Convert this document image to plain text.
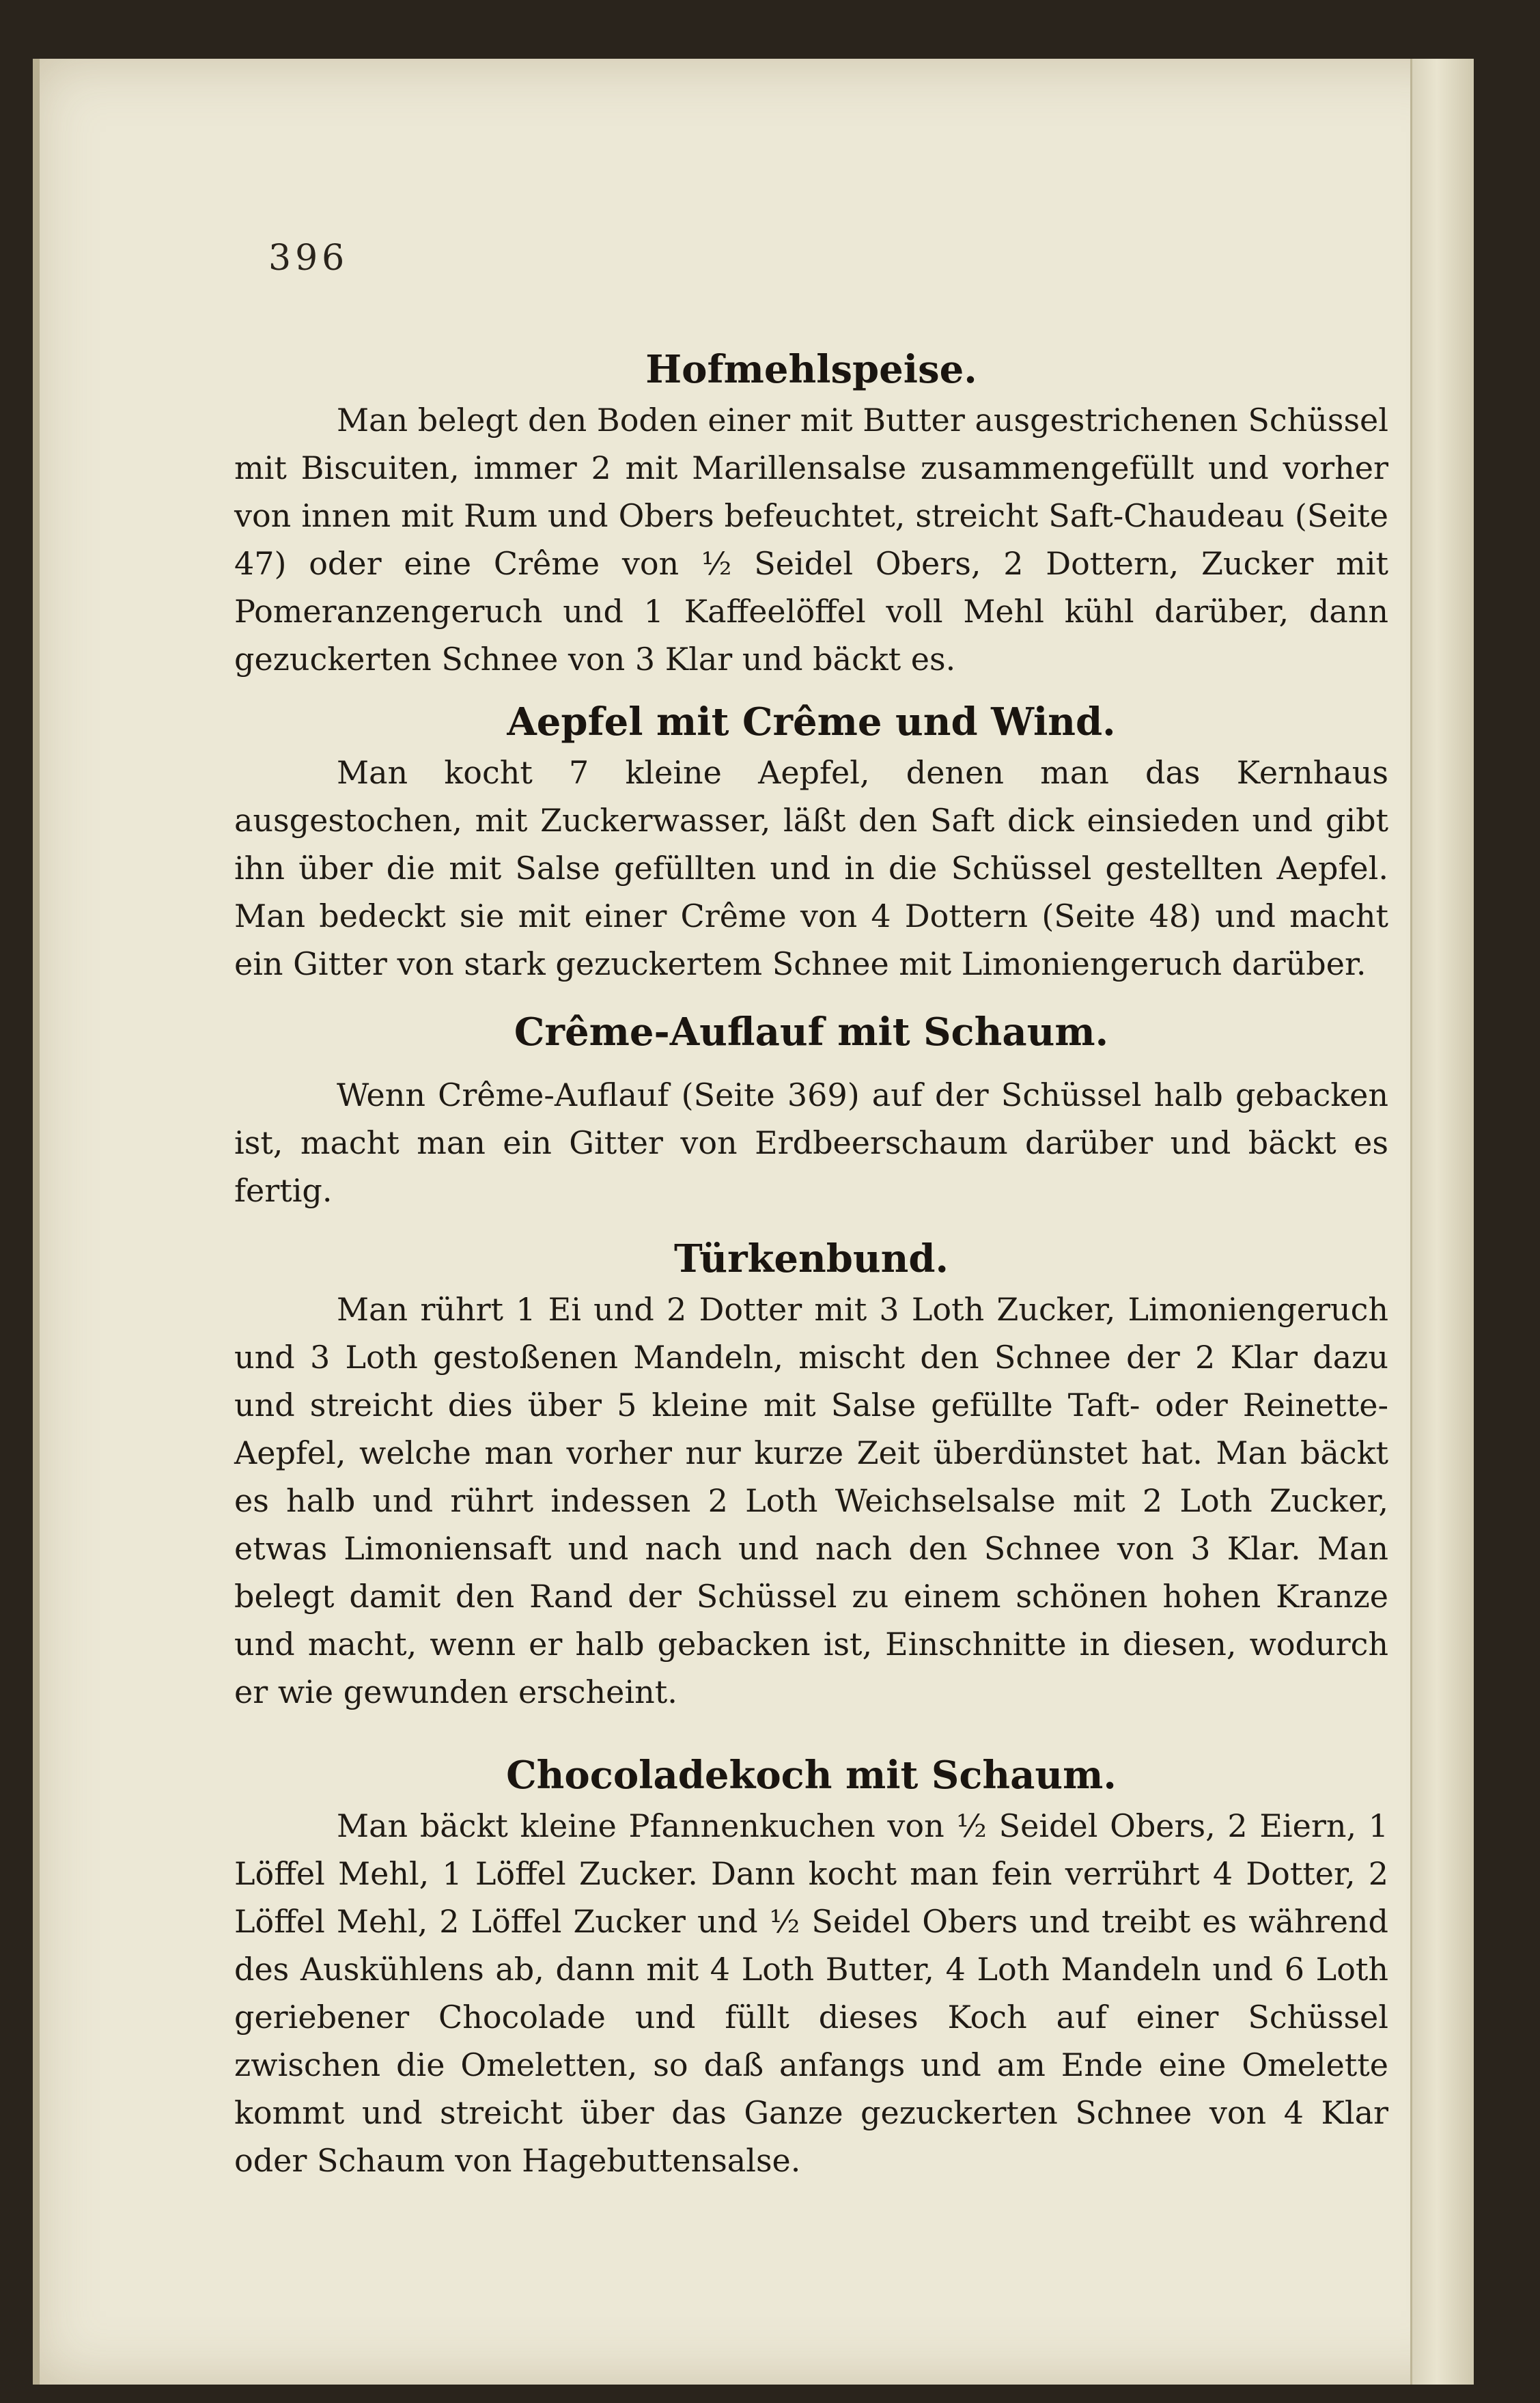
396
Hofmehlspeise.

Man belegt den Boden einer mit Butter ausgestrichenen Schüssel mit Biscuiten, immer 2 mit Marillensalse zusammengefüllt und vorher von innen mit Rum und Obers befeuchtet, streicht Saft-Chaudeau (Seite 47) oder eine Crême von ½ Seidel Obers, 2 Dottern, Zucker mit Pomeranzengeruch und 1 Kaffeelöffel voll Mehl kühl darüber, dann gezuckerten Schnee von 3 Klar und bäckt es.

Aepfel mit Crême und Wind.

Man kocht 7 kleine Aepfel, denen man das Kernhaus ausgestochen, mit Zuckerwasser, läßt den Saft dick einsieden und gibt ihn über die mit Salse gefüllten und in die Schüssel gestellten Aepfel. Man bedeckt sie mit einer Crême von 4 Dottern (Seite 48) und macht ein Gitter von stark gezuckertem Schnee mit Limoniengeruch darüber.

Crême-Auflauf mit Schaum.

Wenn Crême-Auflauf (Seite 369) auf der Schüssel halb gebacken ist, macht man ein Gitter von Erdbeerschaum darüber und bäckt es fertig.

Türkenbund.

Man rührt 1 Ei und 2 Dotter mit 3 Loth Zucker, Limoniengeruch und 3 Loth gestoßenen Mandeln, mischt den Schnee der 2 Klar dazu und streicht dies über 5 kleine mit Salse gefüllte Taft- oder Reinette-Aepfel, welche man vorher nur kurze Zeit überdünstet hat. Man bäckt es halb und rührt indessen 2 Loth Weichselsalse mit 2 Loth Zucker, etwas Limoniensaft und nach und nach den Schnee von 3 Klar. Man belegt damit den Rand der Schüssel zu einem schönen hohen Kranze und macht, wenn er halb gebacken ist, Einschnitte in diesen, wodurch er wie gewunden erscheint.

Chocoladekoch mit Schaum.

Man bäckt kleine Pfannenkuchen von ½ Seidel Obers, 2 Eiern, 1 Löffel Mehl, 1 Löffel Zucker. Dann kocht man fein verrührt 4 Dotter, 2 Löffel Mehl, 2 Löffel Zucker und ½ Seidel Obers und treibt es während des Auskühlens ab, dann mit 4 Loth Butter, 4 Loth Mandeln und 6 Loth geriebener Chocolade und füllt dieses Koch auf einer Schüssel zwischen die Omeletten, so daß anfangs und am Ende eine Omelette kommt und streicht über das Ganze gezuckerten Schnee von 4 Klar oder Schaum von Hagebuttensalse.
